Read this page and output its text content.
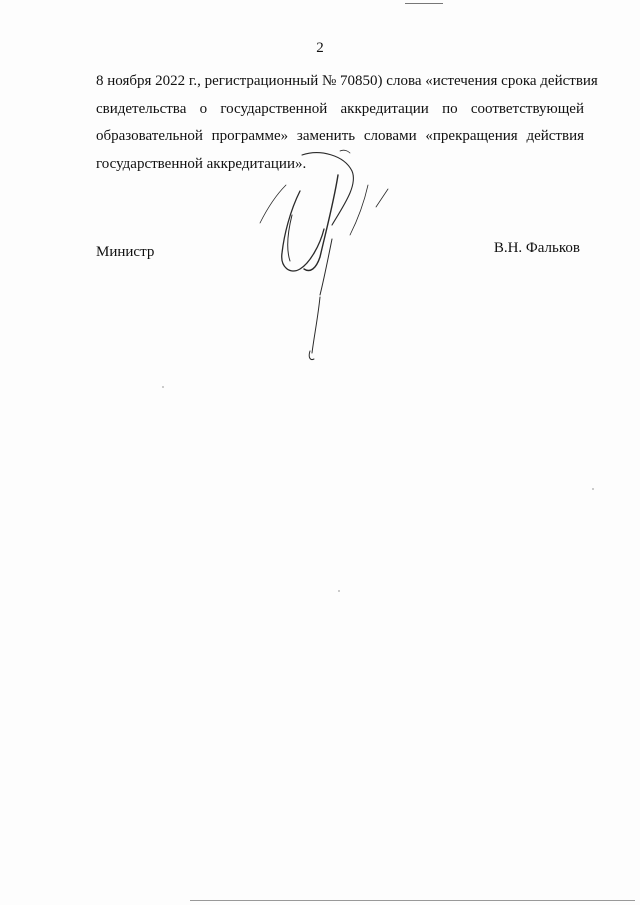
2
8 ноября 2022 г., регистрационный № 70850) слова «истечения срока действия
свидетельства о государственной аккредитации по соответствующей
образовательной программе» заменить словами «прекращения действия
государственной аккредитации».
Министр	В.Н. Фальков
